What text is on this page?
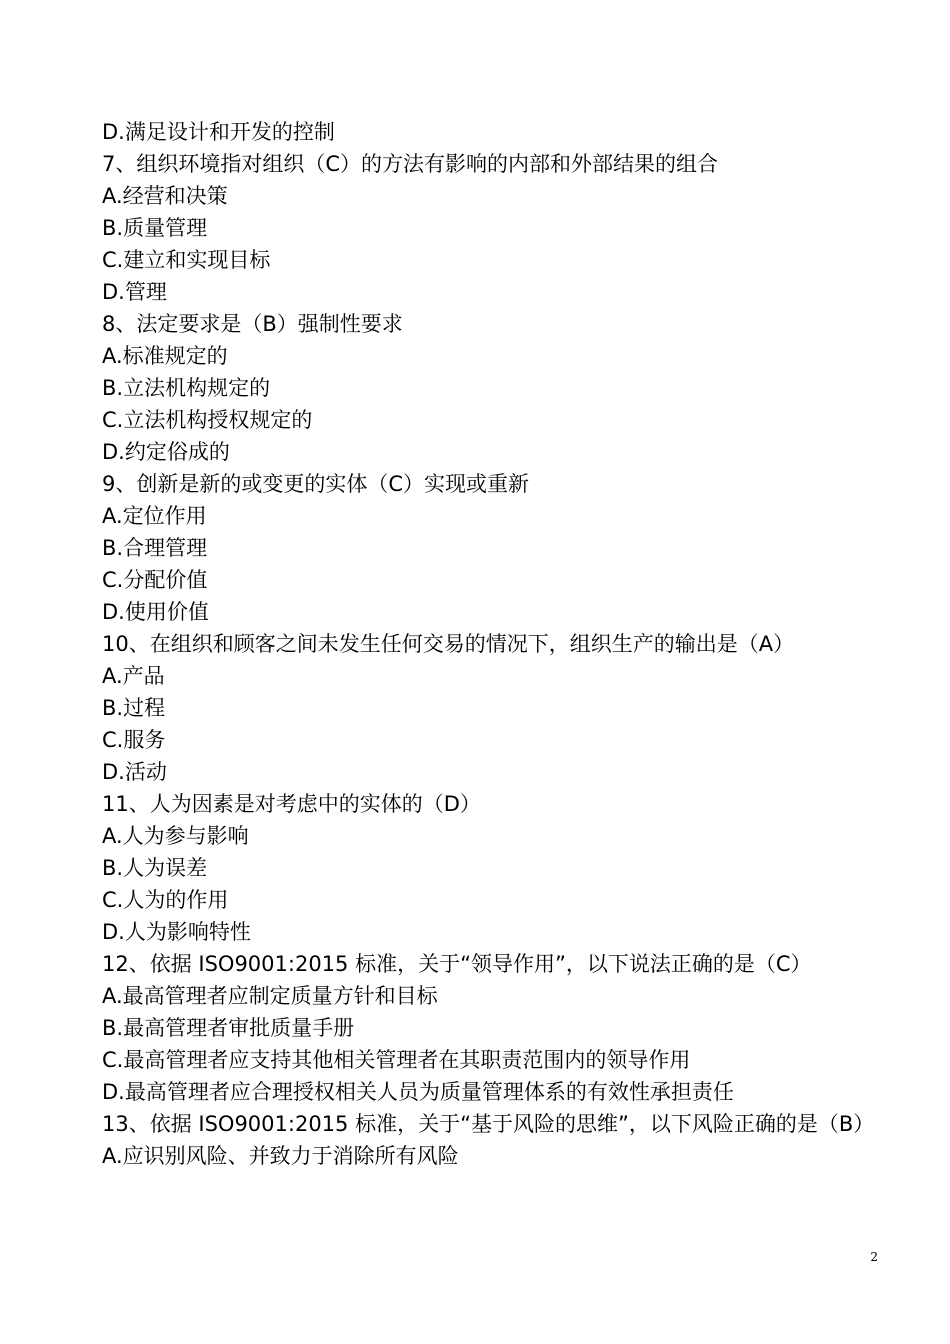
D.满足设计和开发的控制
7、组织环境指对组织（C）的方法有影响的内部和外部结果的组合
A.经营和决策
B.质量管理
C.建立和实现目标
D.管理
8、法定要求是（B）强制性要求
A.标准规定的
B.立法机构规定的
C.立法机构授权规定的
D.约定俗成的
9、创新是新的或变更的实体（C）实现或重新
A.定位作用
B.合理管理
C.分配价值
D.使用价值
10、在组织和顾客之间未发生任何交易的情况下，组织生产的输出是（A）
A.产品
B.过程
C.服务
D.活动
11、人为因素是对考虑中的实体的（D）
A.人为参与影响
B.人为误差
C.人为的作用
D.人为影响特性
12、依据 ISO9001:2015 标准，关于“领导作用”，以下说法正确的是（C）
A.最高管理者应制定质量方针和目标
B.最高管理者审批质量手册
C.最高管理者应支持其他相关管理者在其职责范围内的领导作用
D.最高管理者应合理授权相关人员为质量管理体系的有效性承担责任
13、依据 ISO9001:2015 标准，关于“基于风险的思维”，以下风险正确的是（B）
A.应识别风险、并致力于消除所有风险
2
